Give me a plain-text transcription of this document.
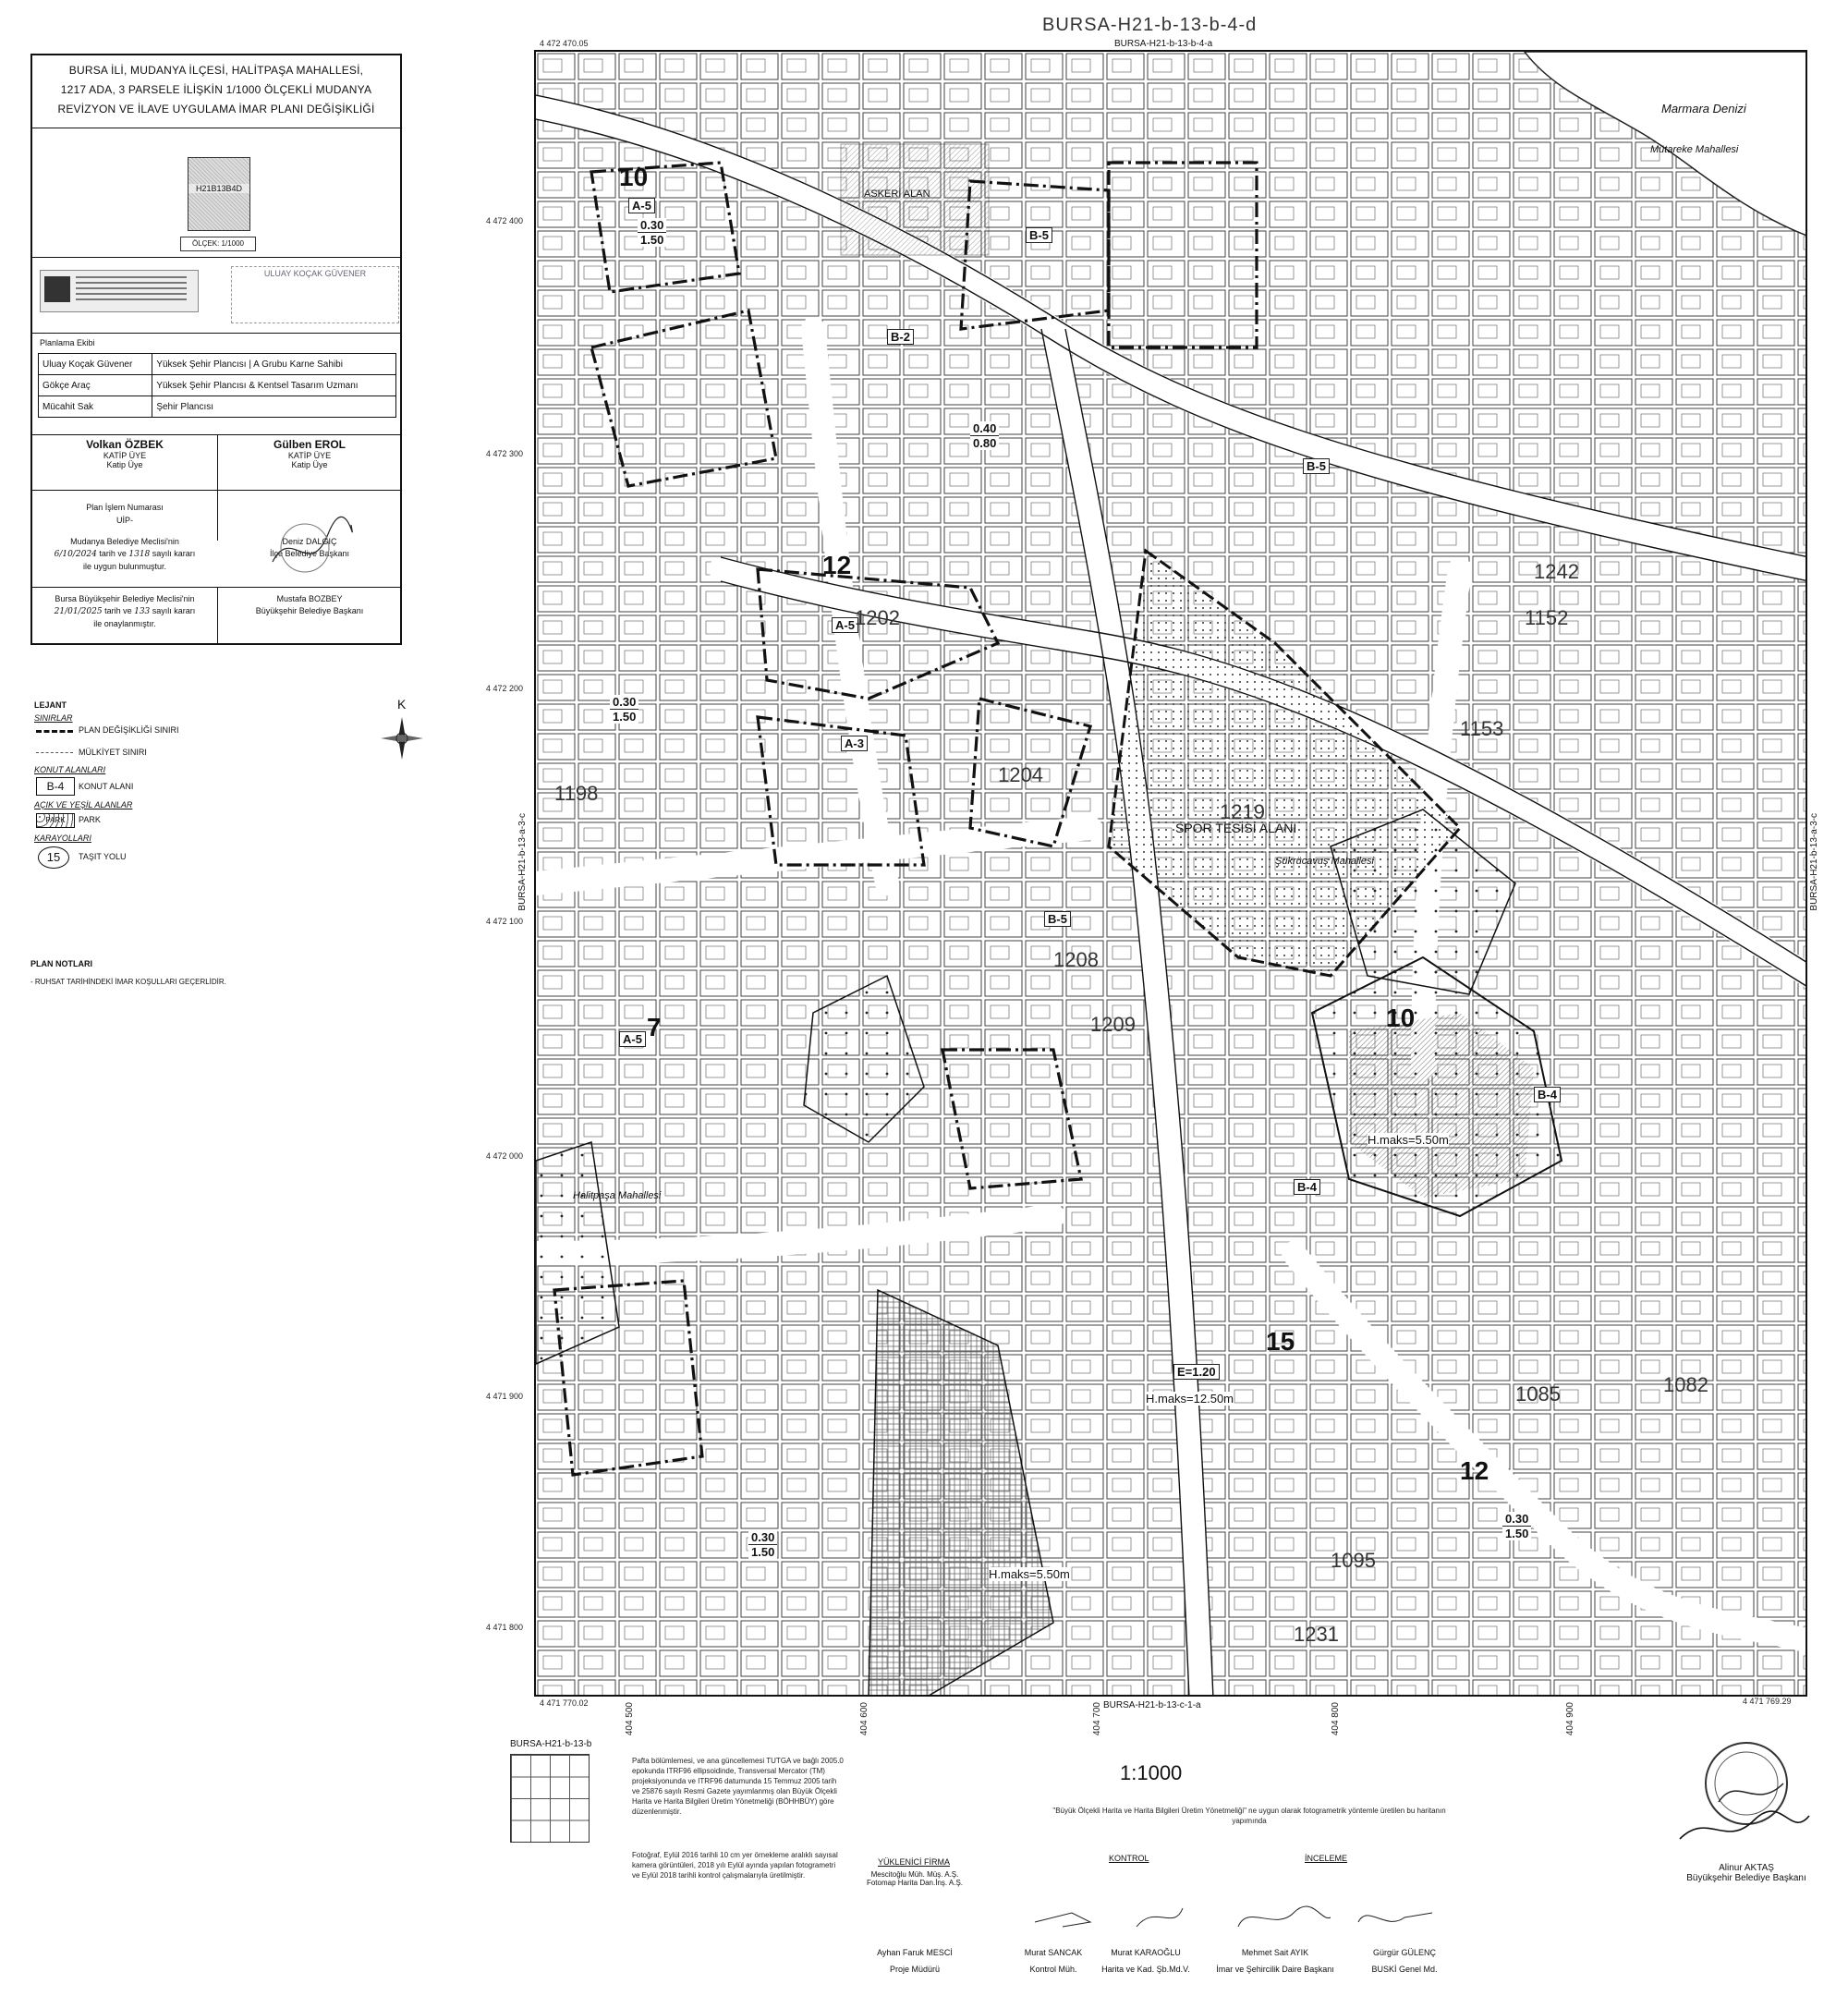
BURSA İLİ, MUDANYA İLÇESİ, HALİTPAŞA MAHALLESİ,
1217 ADA, 3 PARSELE İLİŞKİN 1/1000 ÖLÇEKLİ MUDANYA
REVİZYON VE İLAVE UYGULAMA İMAR PLANI DEĞİŞİKLİĞİ
H21B13B4D
ÖLÇEK: 1/1000
ULUAY KOÇAK GÜVENER
Planlama Ekibi
Uluay Koçak Güvener	Yüksek Şehir Plancısı | A Grubu Karne Sahibi
Gökçe Araç	Yüksek Şehir Plancısı & Kentsel Tasarım Uzmanı
Mücahit Sak	Şehir Plancısı
Volkan ÖZBEK
KATİP ÜYE
Katip Üye
Gülben EROL
KATİP ÜYE
Katip Üye
Plan İşlem Numarası
UİP-
Mudanya Belediye Meclisi'nin
6/10/2024 tarih ve 1318 sayılı kararı
ile uygun bulunmuştur.
Deniz DALGIÇ
İlçe Belediye Başkanı
Bursa Büyükşehir Belediye Meclisi'nin
21/01/2025 tarih ve 133 sayılı kararı
ile onaylanmıştır.
Mustafa BOZBEY
Büyükşehir Belediye Başkanı
LEJANT
SINIRLAR
PLAN DEĞİŞİKLİĞİ SINIRI
MÜLKİYET SINIRI
KONUT ALANLARI
B-4	KONUT ALANI
AÇIK VE YEŞİL ALANLAR
PARK	PARK
KARAYOLLARI
15	TAŞIT YOLU
K
PLAN NOTLARI
- RUHSAT TARİHİNDEKİ İMAR KOŞULLARI GEÇERLİDİR.
BURSA-H21-b-13-b-4-d
BURSA-H21-b-13-b-4-a
4 472 470.05
4 471 770.02	4 471 769.29
BURSA-H21-b-13-c-1-a
BURSA-H21-b-13-a-3-c	BURSA-H21-b-13-a-3-c
4 472 400
4 472 300
4 472 200
4 472 100
4 472 000
4 471 900
4 471 800
404 500	404 600	404 700	404 800	404 900
Marmara Denizi
Mütareke Mahallesi
Şükrücavuş Mahallesi
Halitpaşa Mahallesi
SPOR TESİSİ ALANI
ASKERİ ALAN
A-5
B-5
B-5
B-4
A-5
A-3
B-2
E=1.20
B-4
B-5
A-5
0.30
1.50
0.40
0.80
0.30
1.50
0.30
1.50
0.30
1.50
H.maks=5.50m
H.maks=12.50m
H.maks=5.50m
10
12
7
15
10
12
1219
1202
1204
1208
1209
1085	1082
1242
1152
1153
1198
1231
1095
BURSA-H21-b-13-b
Pafta bölümlemesi, ve ana güncellemesi TUTGA ve bağlı 2005.0 epokunda ITRF96 ellipsoidinde, Transversal Mercator (TM) projeksiyonunda ve ITRF96 datumunda 15 Temmuz 2005 tarih ve 25876 sayılı Resmi Gazete yayımlanmış olan Büyük Ölçekli Harita ve Harita Bilgileri Üretim Yönetmeliği (BÖHHBÜY) göre düzenlenmiştir.
Fotoğraf, Eylül 2016 tarihli 10 cm yer örnekleme aralıklı sayısal kamera görüntüleri, 2018 yılı Eylül ayında yapılan fotogrametri ve Eylül 2018 tarihli kontrol çalışmalarıyla üretilmiştir.
1:1000
"Büyük Ölçekli Harita ve Harita Bilgileri Üretim Yönetmeliği" ne uygun olarak fotogrametrik yöntemle üretilen bu haritanın yapımında
YÜKLENİCİ FİRMA	KONTROL	İNCELEME
Mescitoğlu Müh. Müş. A.Ş.
Fotomap Harita Dan.İnş. A.Ş.
Ayhan Faruk MESCİ
Proje Müdürü
Murat SANCAK
Kontrol Müh.
Murat KARAOĞLU
Harita ve Kad. Şb.Md.V.
Mehmet Sait AYIK
İmar ve Şehircilik Daire Başkanı
Gürgür GÜLENÇ
BUSKİ Genel Md.
Alinur AKTAŞ
Büyükşehir Belediye Başkanı
